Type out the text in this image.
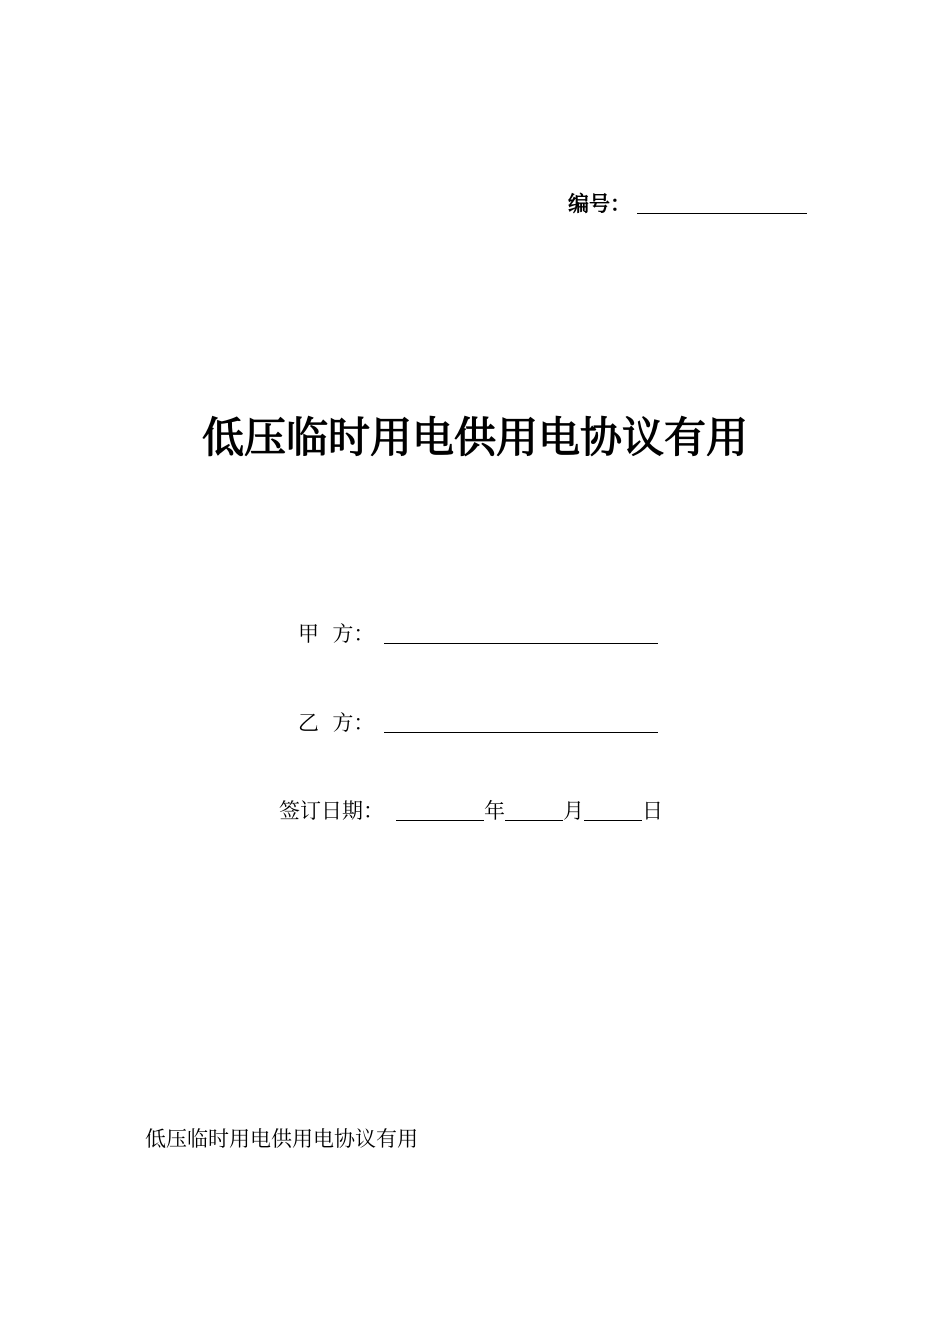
编号：
低压临时用电供用电协议有用
甲  方：
乙  方：
签订日期：	年	月	日
低压临时用电供用电协议有用
